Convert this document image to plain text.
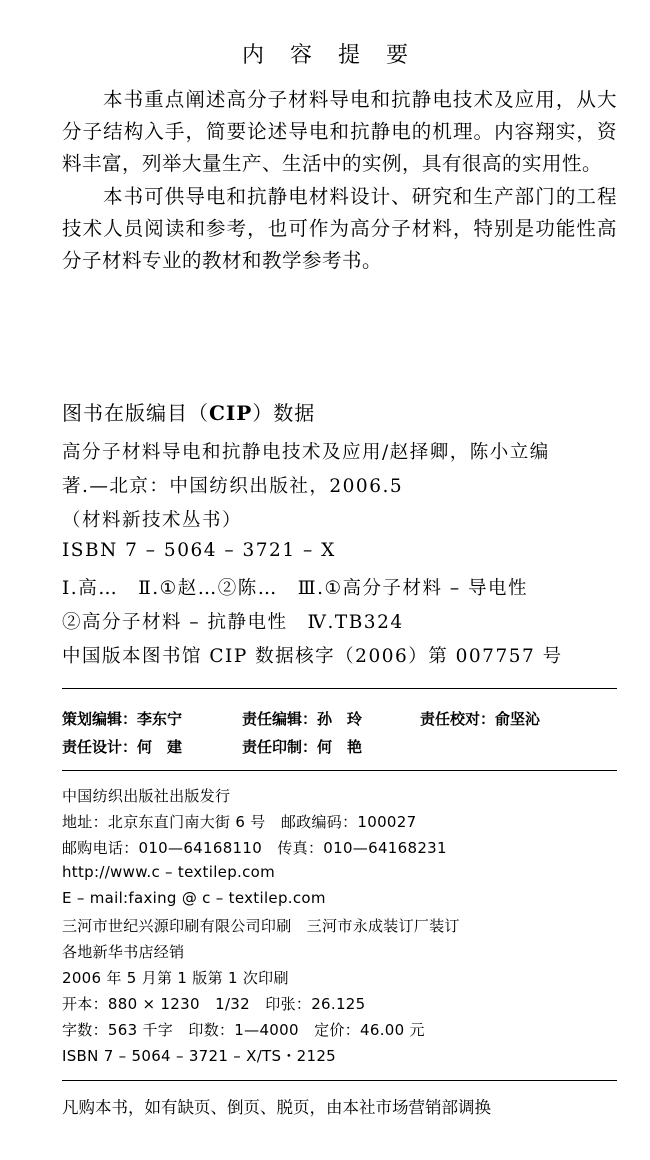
内容提要
本书重点阐述高分子材料导电和抗静电技术及应用，从大分子结构入手，简要论述导电和抗静电的机理。内容翔实，资料丰富，列举大量生产、生活中的实例，具有很高的实用性。
本书可供导电和抗静电材料设计、研究和生产部门的工程技术人员阅读和参考，也可作为高分子材料，特别是功能性高分子材料专业的教材和教学参考书。
图书在版编目（CIP）数据
高分子材料导电和抗静电技术及应用/赵择卿，陈小立编
著.—北京：中国纺织出版社，2006.5
（材料新技术丛书）
ISBN 7 – 5064 – 3721 – X
Ⅰ.高…　Ⅱ.①赵…②陈…　Ⅲ.①高分子材料 – 导电性
②高分子材料 – 抗静电性　Ⅳ.TB324
中国版本图书馆 CIP 数据核字（2006）第 007757 号
策划编辑：李东宁	责任编辑：孙　玲	责任校对：俞坚沁
责任设计：何　建	责任印制：何　艳
中国纺织出版社出版发行
地址：北京东直门南大街 6 号　邮政编码：100027
邮购电话：010—64168110　传真：010—64168231
http://www.c – textilep.com
E – mail:faxing @ c – textilep.com
三河市世纪兴源印刷有限公司印刷　三河市永成装订厂装订
各地新华书店经销
2006 年 5 月第 1 版第 1 次印刷
开本：880 × 1230　1/32　印张：26.125
字数：563 千字　印数：1—4000　定价：46.00 元
ISBN 7 – 5064 – 3721 – X/TS・2125
凡购本书，如有缺页、倒页、脱页，由本社市场营销部调换
